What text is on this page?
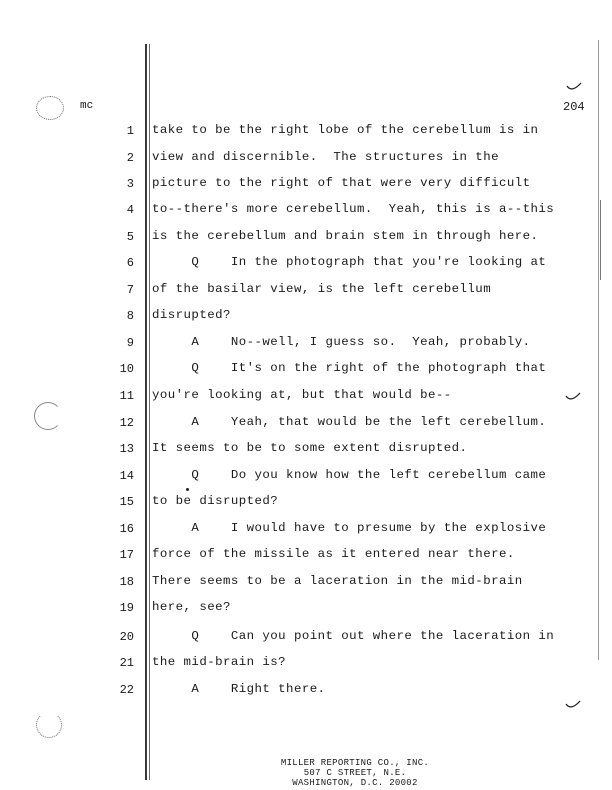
mc	204
1
2
3
4
5
6
7
8
9
10
11
12
13
14
15
16
17
18
19
20
21
22
take to be the right lobe of the cerebellum is in
view and discernible.  The structures in the
picture to the right of that were very difficult
to--there's more cerebellum.  Yeah, this is a--this
is the cerebellum and brain stem in through here.
Q    In the photograph that you're looking at
of the basilar view, is the left cerebellum
disrupted?
A    No--well, I guess so.  Yeah, probably.
Q    It's on the right of the photograph that
you're looking at, but that would be--
A    Yeah, that would be the left cerebellum.
It seems to be to some extent disrupted.
Q    Do you know how the left cerebellum came
to be disrupted?
A    I would have to presume by the explosive
force of the missile as it entered near there.
There seems to be a laceration in the mid-brain
here, see?
Q    Can you point out where the laceration in
the mid-brain is?
A    Right there.
MILLER REPORTING CO., INC.
507 C STREET, N.E.
WASHINGTON, D.C. 20002
